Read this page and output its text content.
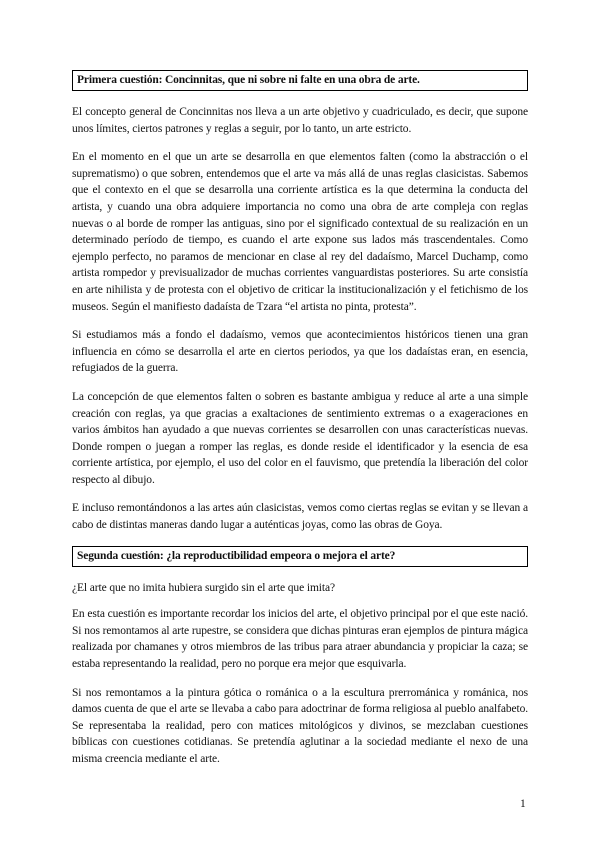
Primera cuestión: Concinnitas, que ni sobre ni falte en una obra de arte.

El concepto general de Concinnitas nos lleva a un arte objetivo y cuadriculado, es decir, que supone unos límites, ciertos patrones y reglas a seguir, por lo tanto, un arte estricto.

En el momento en el que un arte se desarrolla en que elementos falten (como la abstracción o el suprematismo) o que sobren, entendemos que el arte va más allá de unas reglas clasicistas. Sabemos que el contexto en el que se desarrolla una corriente artística es la que determina la conducta del artista, y cuando una obra adquiere importancia no como una obra de arte compleja con reglas nuevas o al borde de romper las antiguas, sino por el significado contextual de su realización en un determinado período de tiempo, es cuando el arte expone sus lados más trascendentales. Como ejemplo perfecto, no paramos de mencionar en clase al rey del dadaísmo, Marcel Duchamp, como artista rompedor y previsualizador de muchas corrientes vanguardistas posteriores. Su arte consistía en arte nihilista y de protesta con el objetivo de criticar la institucionalización y el fetichismo de los museos. Según el manifiesto dadaísta de Tzara “el artista no pinta, protesta”.

Si estudiamos más a fondo el dadaísmo, vemos que acontecimientos históricos tienen una gran influencia en cómo se desarrolla el arte en ciertos periodos, ya que los dadaístas eran, en esencia, refugiados de la guerra.

La concepción de que elementos falten o sobren es bastante ambigua y reduce al arte a una simple creación con reglas, ya que gracias a exaltaciones de sentimiento extremas o a exageraciones en varios ámbitos han ayudado a que nuevas corrientes se desarrollen con unas características nuevas. Donde rompen o juegan a romper las reglas, es donde reside el identificador y la esencia de esa corriente artística, por ejemplo, el uso del color en el fauvismo, que pretendía la liberación del color respecto al dibujo.

E incluso remontándonos a las artes aún clasicistas, vemos como ciertas reglas se evitan y se llevan a cabo de distintas maneras dando lugar a auténticas joyas, como las obras de Goya.

Segunda cuestión: ¿la reproductibilidad empeora o mejora el arte?

¿El arte que no imita hubiera surgido sin el arte que imita?

En esta cuestión es importante recordar los inicios del arte, el objetivo principal por el que este nació. Si nos remontamos al arte rupestre, se considera que dichas pinturas eran ejemplos de pintura mágica realizada por chamanes y otros miembros de las tribus para atraer abundancia y propiciar la caza; se estaba representando la realidad, pero no porque era mejor que esquivarla.

Si nos remontamos a la pintura gótica o románica o a la escultura prerrománica y románica, nos damos cuenta de que el arte se llevaba a cabo para adoctrinar de forma religiosa al pueblo analfabeto. Se representaba la realidad, pero con matices mitológicos y divinos, se mezclaban cuestiones bíblicas con cuestiones cotidianas. Se pretendía aglutinar a la sociedad mediante el nexo de una misma creencia mediante el arte.

1
